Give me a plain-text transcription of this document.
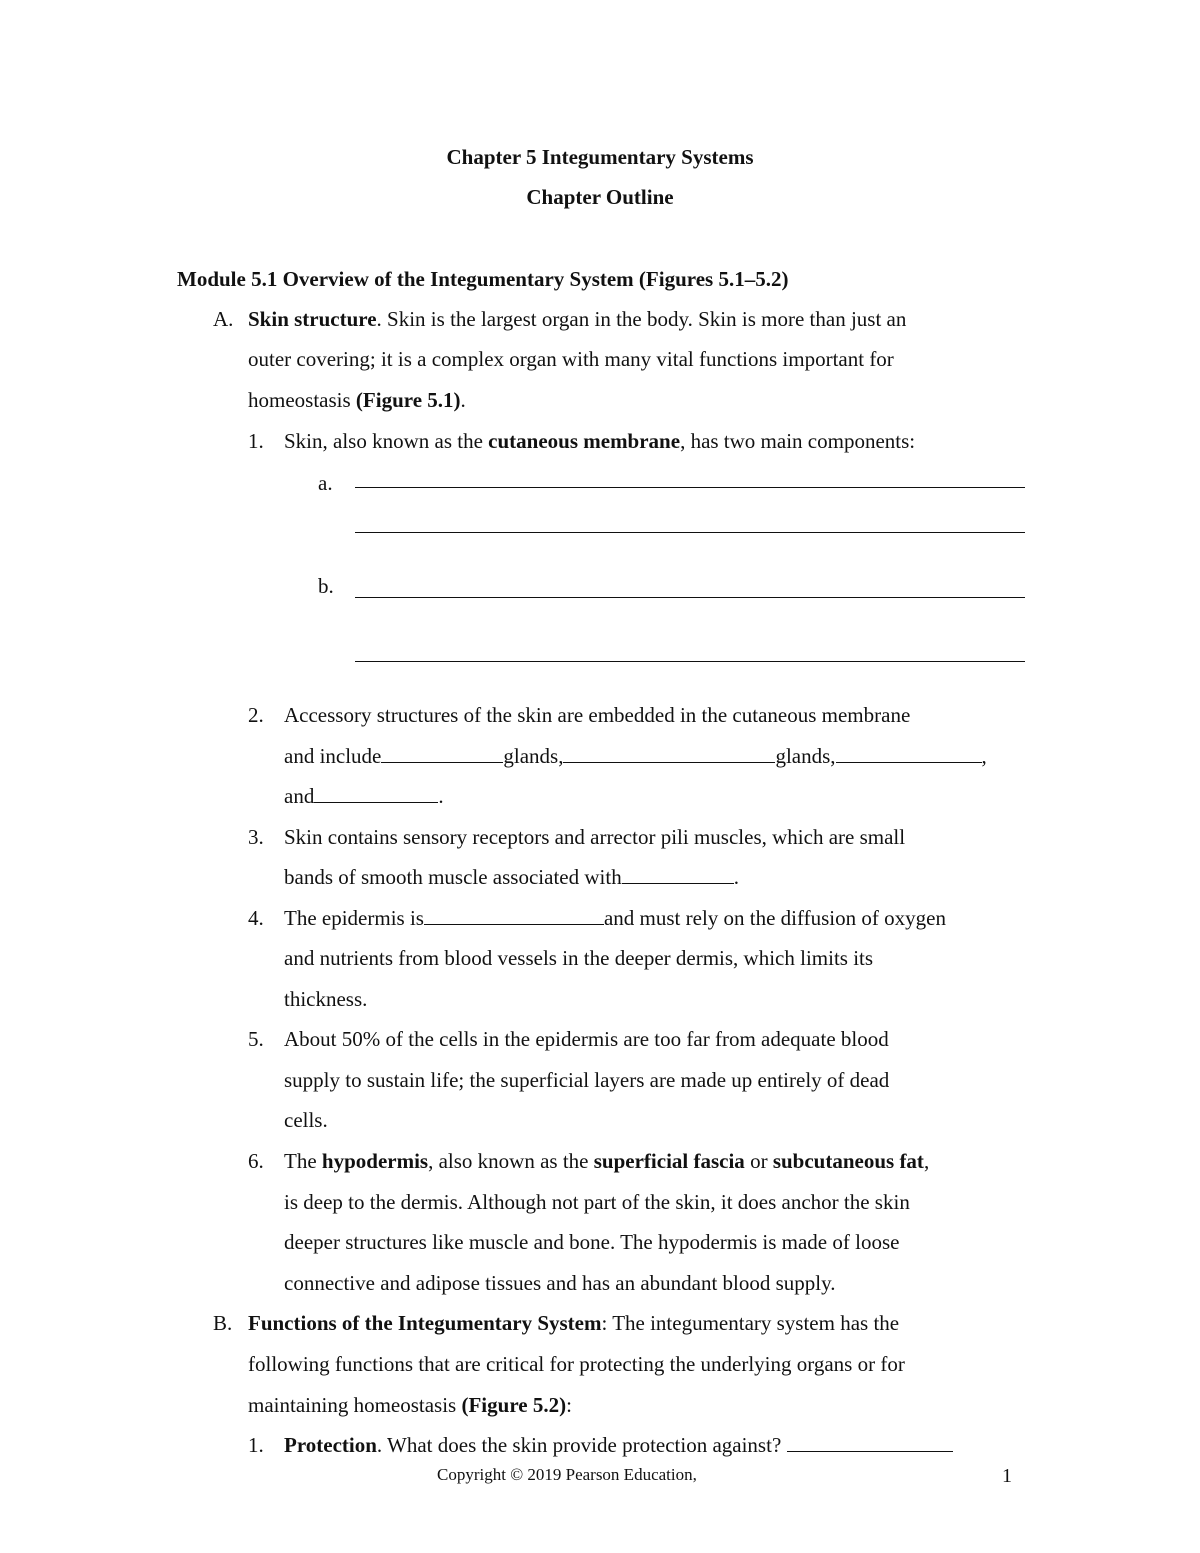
Chapter 5 Integumentary Systems
Chapter Outline
Module 5.1 Overview of the Integumentary System (Figures 5.1–5.2)
A. Skin structure. Skin is the largest organ in the body. Skin is more than just an
outer covering; it is a complex organ with many vital functions important for
homeostasis (Figure 5.1).
1. Skin, also known as the cutaneous membrane, has two main components:
a.
b.
2. Accessory structures of the skin are embedded in the cutaneous membrane
and include	glands,	glands,	,
and	.
3. Skin contains sensory receptors and arrector pili muscles, which are small
bands of smooth muscle associated with	.
4. The epidermis is	and must rely on the diffusion of oxygen
and nutrients from blood vessels in the deeper dermis, which limits its
thickness.
5. About 50% of the cells in the epidermis are too far from adequate blood
supply to sustain life; the superficial layers are made up entirely of dead
cells.
6. The hypodermis, also known as the superficial fascia or subcutaneous fat,
is deep to the dermis. Although not part of the skin, it does anchor the skin
deeper structures like muscle and bone. The hypodermis is made of loose
connective and adipose tissues and has an abundant blood supply.
B. Functions of the Integumentary System: The integumentary system has the
following functions that are critical for protecting the underlying organs or for
maintaining homeostasis (Figure 5.2):
1. Protection. What does the skin provide protection against?
Copyright © 2019 Pearson Education,	1
